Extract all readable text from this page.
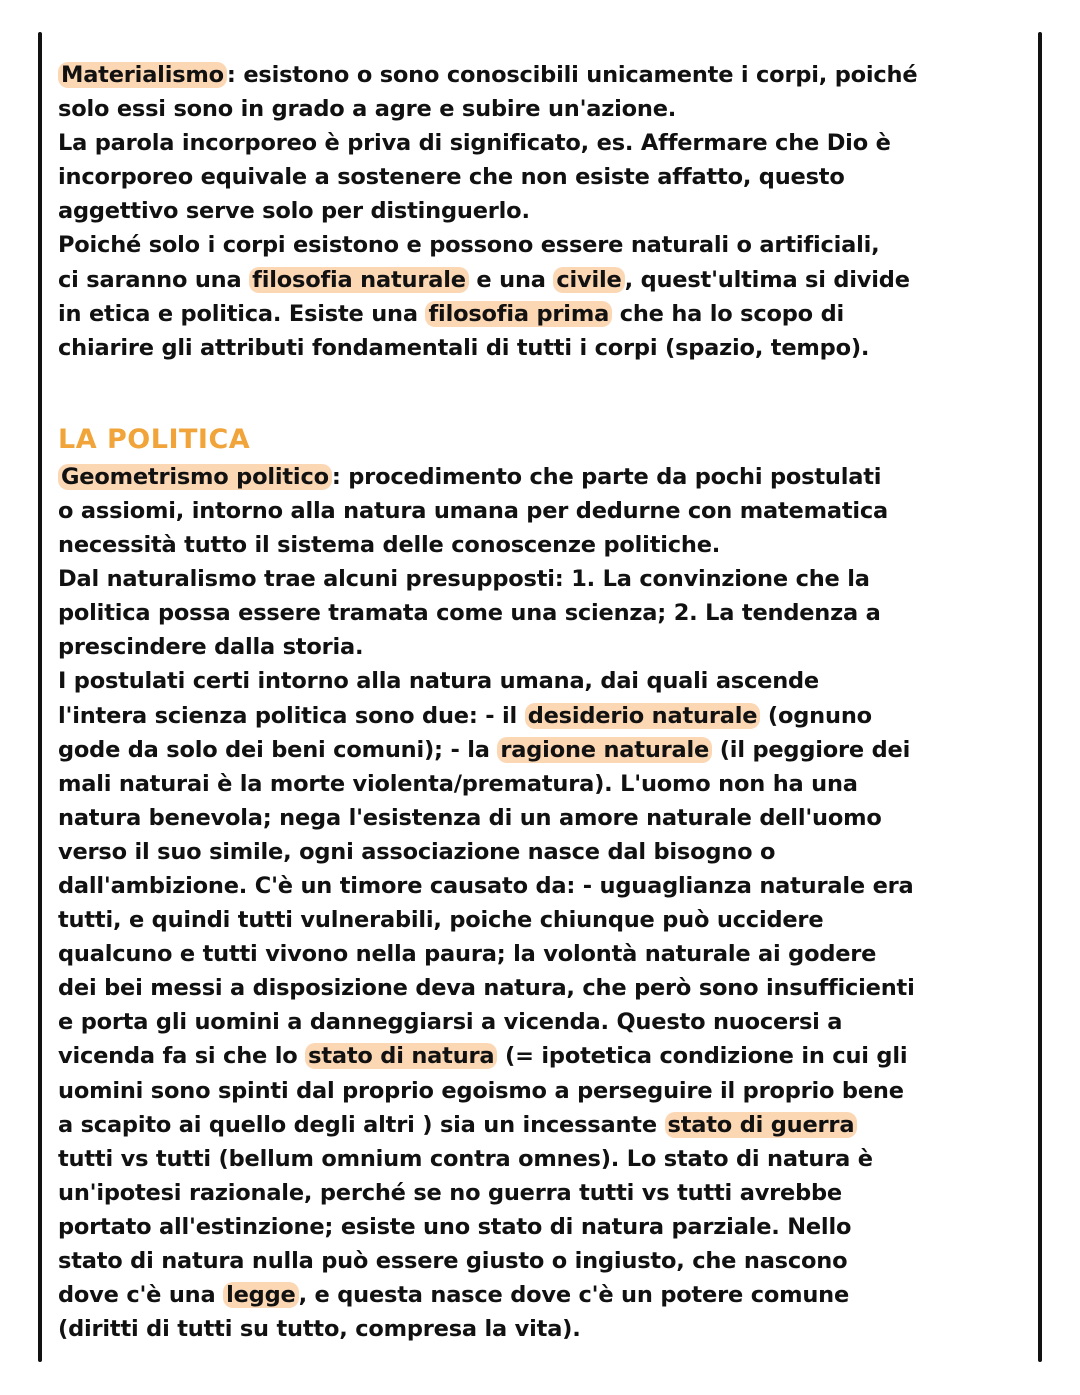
Materialismo : esistono o sono conoscibili unicamente i corpi, poiché
solo essi sono in grado a agre e subire un'azione.
La parola incorporeo è priva di significato, es. Affermare che Dio è
incorporeo equivale a sostenere che non esiste affatto, questo
aggettivo serve solo per distinguerlo.
Poiché solo i corpi esistono e possono essere naturali o artificiali,
ci saranno una filosofia naturale e una civile , quest'ultima si divide
in etica e politica. Esiste una filosofia prima che ha lo scopo di
chiarire gli attributi fondamentali di tutti i corpi (spazio, tempo).
LA POLITICA
Geometrismo politico : procedimento che parte da pochi postulati
o assiomi, intorno alla natura umana per dedurne con matematica
necessità tutto il sistema delle conoscenze politiche.
Dal naturalismo trae alcuni presupposti: 1. La convinzione che la
politica possa essere tramata come una scienza; 2. La tendenza a
prescindere dalla storia.
I postulati certi intorno alla natura umana, dai quali ascende
l'intera scienza politica sono due: - il desiderio naturale (ognuno
gode da solo dei beni comuni); - la ragione naturale (il peggiore dei
mali naturai è la morte violenta/prematura). L'uomo non ha una
natura benevola; nega l'esistenza di un amore naturale dell'uomo
verso il suo simile, ogni associazione nasce dal bisogno o
dall'ambizione. C'è un timore causato da: - uguaglianza naturale era
tutti, e quindi tutti vulnerabili, poiche chiunque può uccidere
qualcuno e tutti vivono nella paura; la volontà naturale ai godere
dei bei messi a disposizione deva natura, che però sono insufficienti
e porta gli uomini a danneggiarsi a vicenda. Questo nuocersi a
vicenda fa si che lo stato di natura (= ipotetica condizione in cui gli
uomini sono spinti dal proprio egoismo a perseguire il proprio bene
a scapito ai quello degli altri ) sia un incessante stato di guerra
tutti vs tutti (bellum omnium contra omnes). Lo stato di natura è
un'ipotesi razionale, perché se no guerra tutti vs tutti avrebbe
portato all'estinzione; esiste uno stato di natura parziale. Nello
stato di natura nulla può essere giusto o ingiusto, che nascono
dove c'è una legge , e questa nasce dove c'è un potere comune
(diritti di tutti su tutto, compresa la vita).
